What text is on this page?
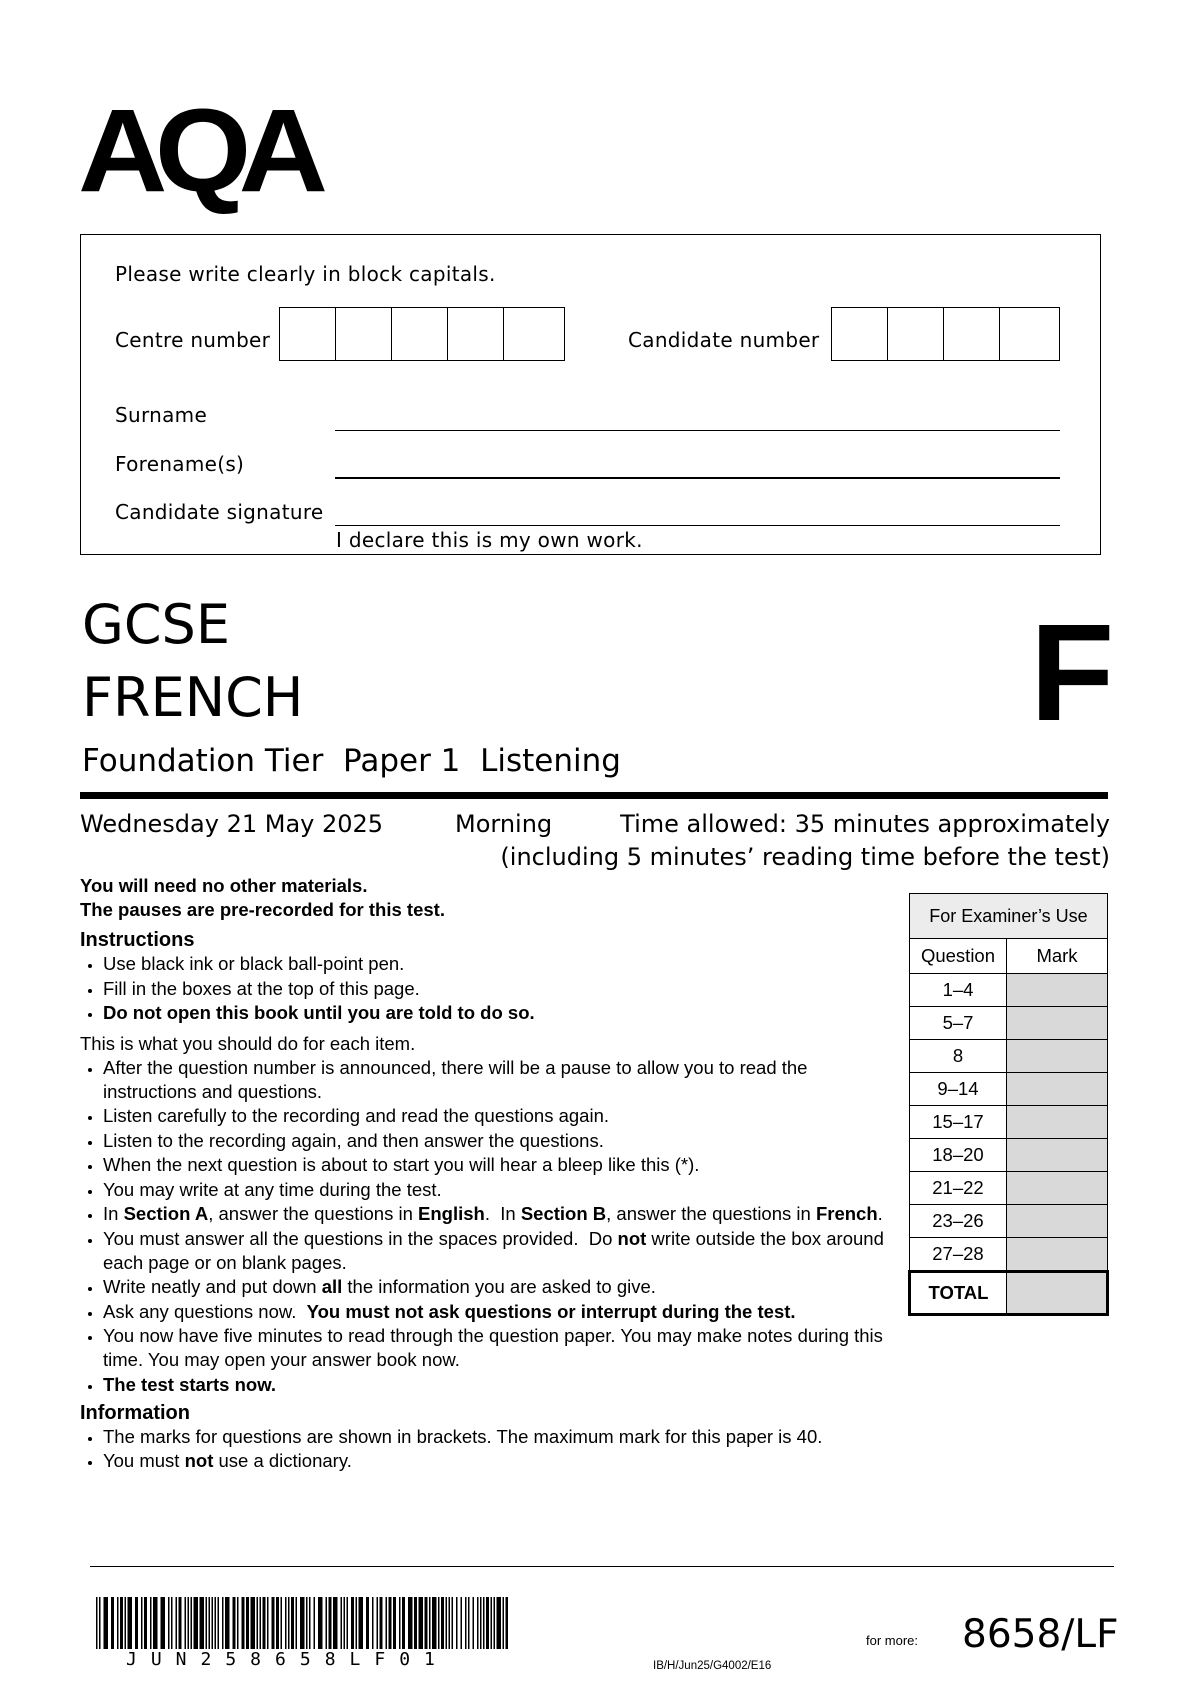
AQA
Please write clearly in block capitals.
Centre number	Candidate number
Surname
Forename(s)
Candidate signature
I declare this is my own work.
GCSE
FRENCH	F
Foundation Tier  Paper 1  Listening
Wednesday 21 May 2025	Morning	Time allowed: 35 minutes approximately
(including 5 minutes’ reading time before the test)

You will need no other materials.

The pauses are pre-recorded for this test.

Instructions

• Use black ink or black ball-point pen.
• Fill in the boxes at the top of this page.
• Do not open this book until you are told to do so.

This is what you should do for each item.

• After the question number is announced, there will be a pause to allow you to read the instructions and questions.
• Listen carefully to the recording and read the questions again.
• Listen to the recording again, and then answer the questions.
• When the next question is about to start you will hear a bleep like this (*).
• You may write at any time during the test.
• In Section A, answer the questions in English.  In Section B, answer the questions in French.
• You must answer all the questions in the spaces provided.  Do not write outside the box around each page or on blank pages.
• Write neatly and put down all the information you are asked to give.
• Ask any questions now.  You must not ask questions or interrupt during the test.
• You now have five minutes to read through the question paper. You may make notes during this time. You may open your answer book now.
• The test starts now.

Information

• The marks for questions are shown in brackets. The maximum mark for this paper is 40.
• You must not use a dictionary.
For Examiner’s Use	
Question	Mark
1–4	
5–7	
8	
9–14	
15–17	
18–20	
21–22	
23–26	
27–28	
TOTAL	
JUN258658LF01	IB/H/Jun25/G4002/E16
for more: 8658/LF
